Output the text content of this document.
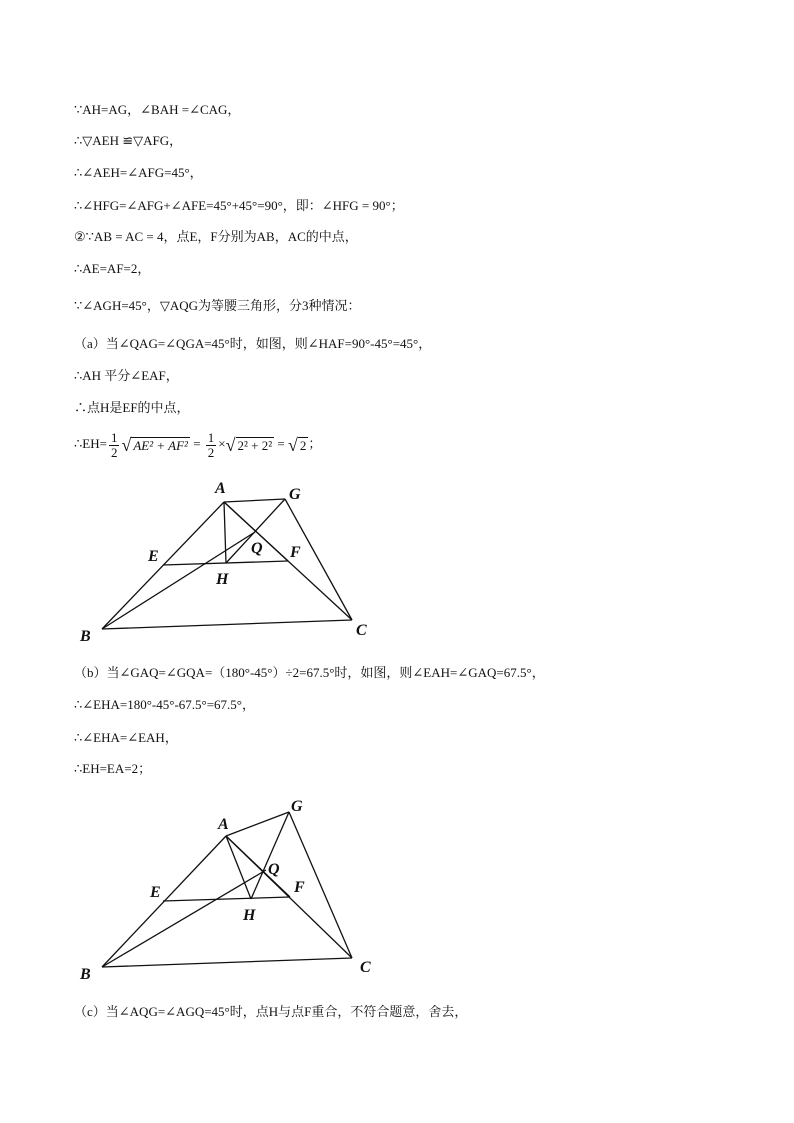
∵AH=AG，∠BAH =∠CAG，
∴▽AEH ≌▽AFG，
∴∠AEH=∠AFG=45°，
∴∠HFG=∠AFG+∠AFE=45°+45°=90°，即：∠HFG = 90°；
②∵AB = AC = 4，点E，F分别为AB，AC的中点，
∴AE=AF=2，
∵∠AGH=45°，▽AQG为等腰三角形，分3种情况：
（a）当∠QAG=∠QGA=45°时，如图，则∠HAF=90°-45°=45°，
∴AH 平分∠EAF，
∴点H是EF的中点，
∴EH= $\frac{1}{2}$ √ $AE^2 + AF^2 = \frac{1}{2}$ ×√ 2² + 2² = √ 2 ；
A	G
E	Q F
H
B	C
（b）当∠GAQ=∠GQA=（180°-45°）÷2=67.5°时，如图，则∠EAH=∠GAQ=67.5°，
∴∠EHA=180°-45°-67.5°=67.5°，
∴∠EHA=∠EAH，
∴EH=EA=2；
A
G
E
Q
F
H
B	C
（c）当∠AQG=∠AGQ=45°时，点H与点F重合，不符合题意，舍去，
